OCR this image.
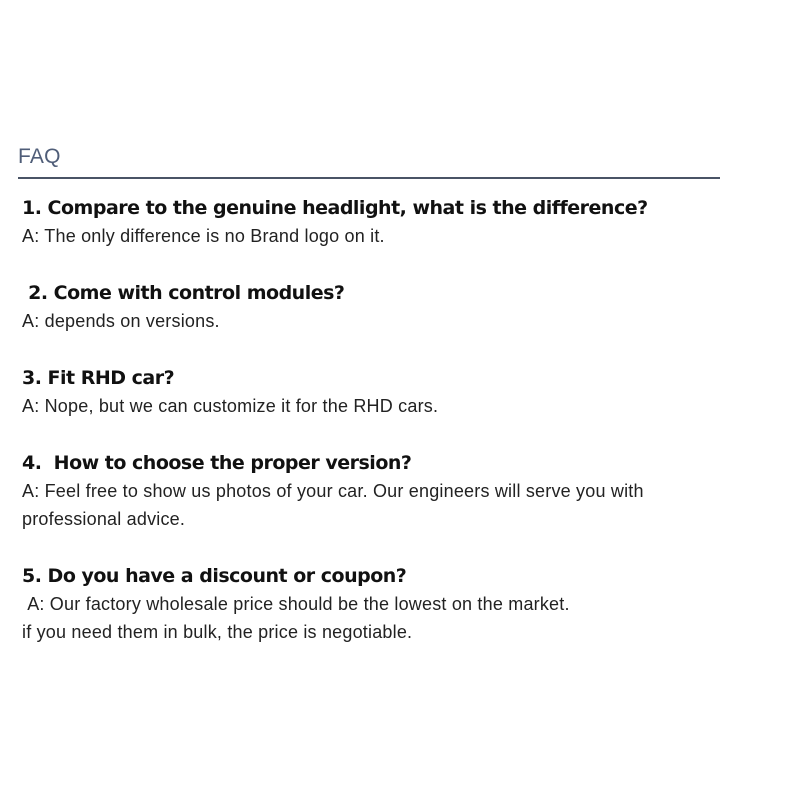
FAQ

1. Compare to the genuine headlight, what is the difference?

A: The only difference is no Brand logo on it.

2. Come with control modules?

A: depends on versions.

3. Fit RHD car?

A: Nope, but we can customize it for the RHD cars.

4.  How to choose the proper version?

A: Feel free to show us photos of your car. Our engineers will serve you with professional advice.

5. Do you have a discount or coupon?

A: Our factory wholesale price should be the lowest on the market.
if you need them in bulk, the price is negotiable.
